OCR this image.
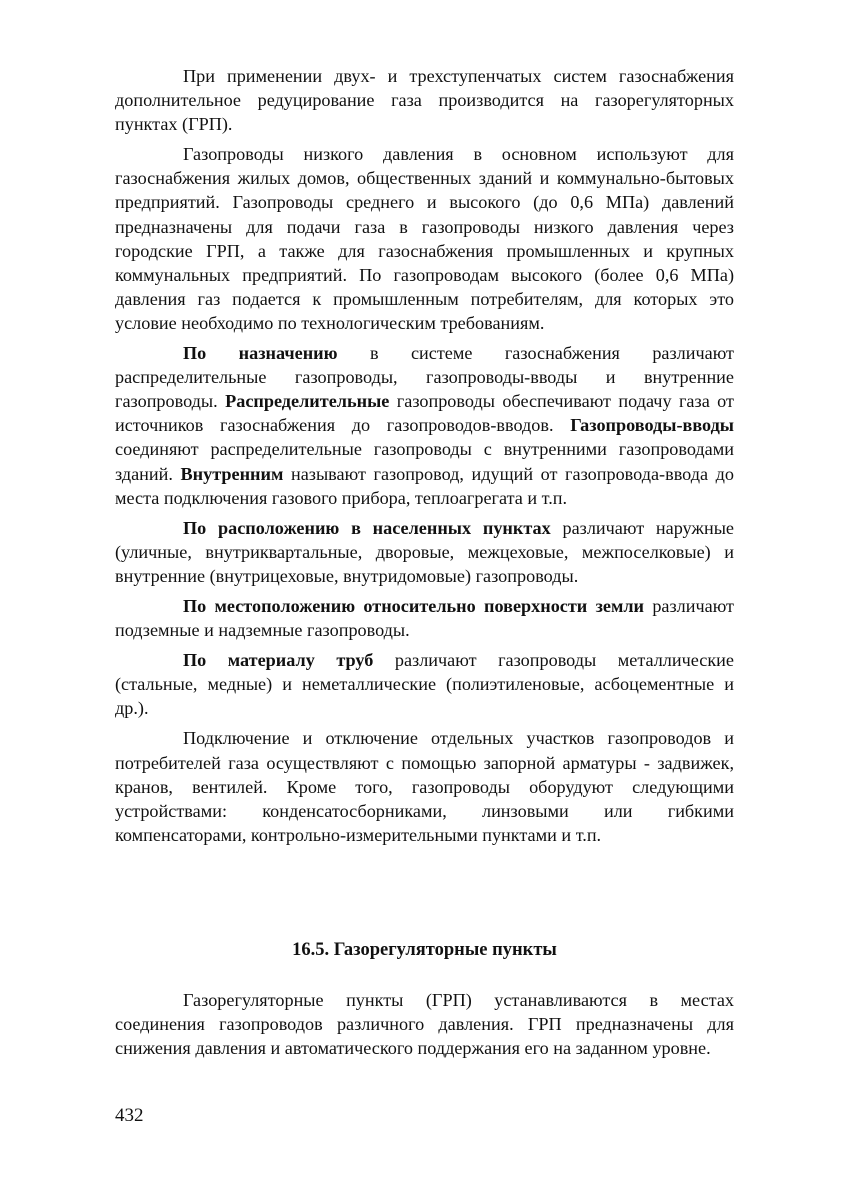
При применении двух- и трехступенчатых систем газоснабжения дополнительное редуцирование газа производится на газорегуляторных пунктах (ГРП).

Газопроводы низкого давления в основном используют для газоснабжения жилых домов, общественных зданий и коммунально-бытовых предприятий. Газопроводы среднего и высокого (до 0,6 МПа) давлений предназначены для подачи газа в газопроводы низкого давления через городские ГРП, а также для газоснабжения промышленных и крупных коммунальных предприятий. По газопроводам высокого (более 0,6 МПа) давления газ подается к промышленным потребителям, для которых это условие необходимо по технологическим требованиям.

По назначению в системе газоснабжения различают распределительные газопроводы, газопроводы-вводы и внутренние газопроводы. Распределительные газопроводы обеспечивают подачу газа от источников газоснабжения до газопроводов-вводов. Газопроводы-вводы соединяют распределительные газопроводы с внутренними газопроводами зданий. Внутренним называют газопровод, идущий от газопровода-ввода до места подключения газового прибора, теплоагрегата и т.п.

По расположению в населенных пунктах различают наружные (уличные, внутриквартальные, дворовые, межцеховые, межпоселковые) и внутренние (внутрицеховые, внутридомовые) газопроводы.

По местоположению относительно поверхности земли различают подземные и надземные газопроводы.

По материалу труб различают газопроводы металлические (стальные, медные) и неметаллические (полиэтиленовые, асбоцементные и др.).

Подключение и отключение отдельных участков газопроводов и потребителей газа осуществляют с помощью запорной арматуры - задвижек, кранов, вентилей. Кроме того, газопроводы оборудуют следующими устройствами: конденсатосборниками, линзовыми или гибкими компенсаторами, контрольно-измерительными пунктами и т.п.

16.5. Газорегуляторные пункты

Газорегуляторные пункты (ГРП) устанавливаются в местах соединения газопроводов различного давления. ГРП предназначены для снижения давления и автоматического поддержания его на заданном уровне.

432
